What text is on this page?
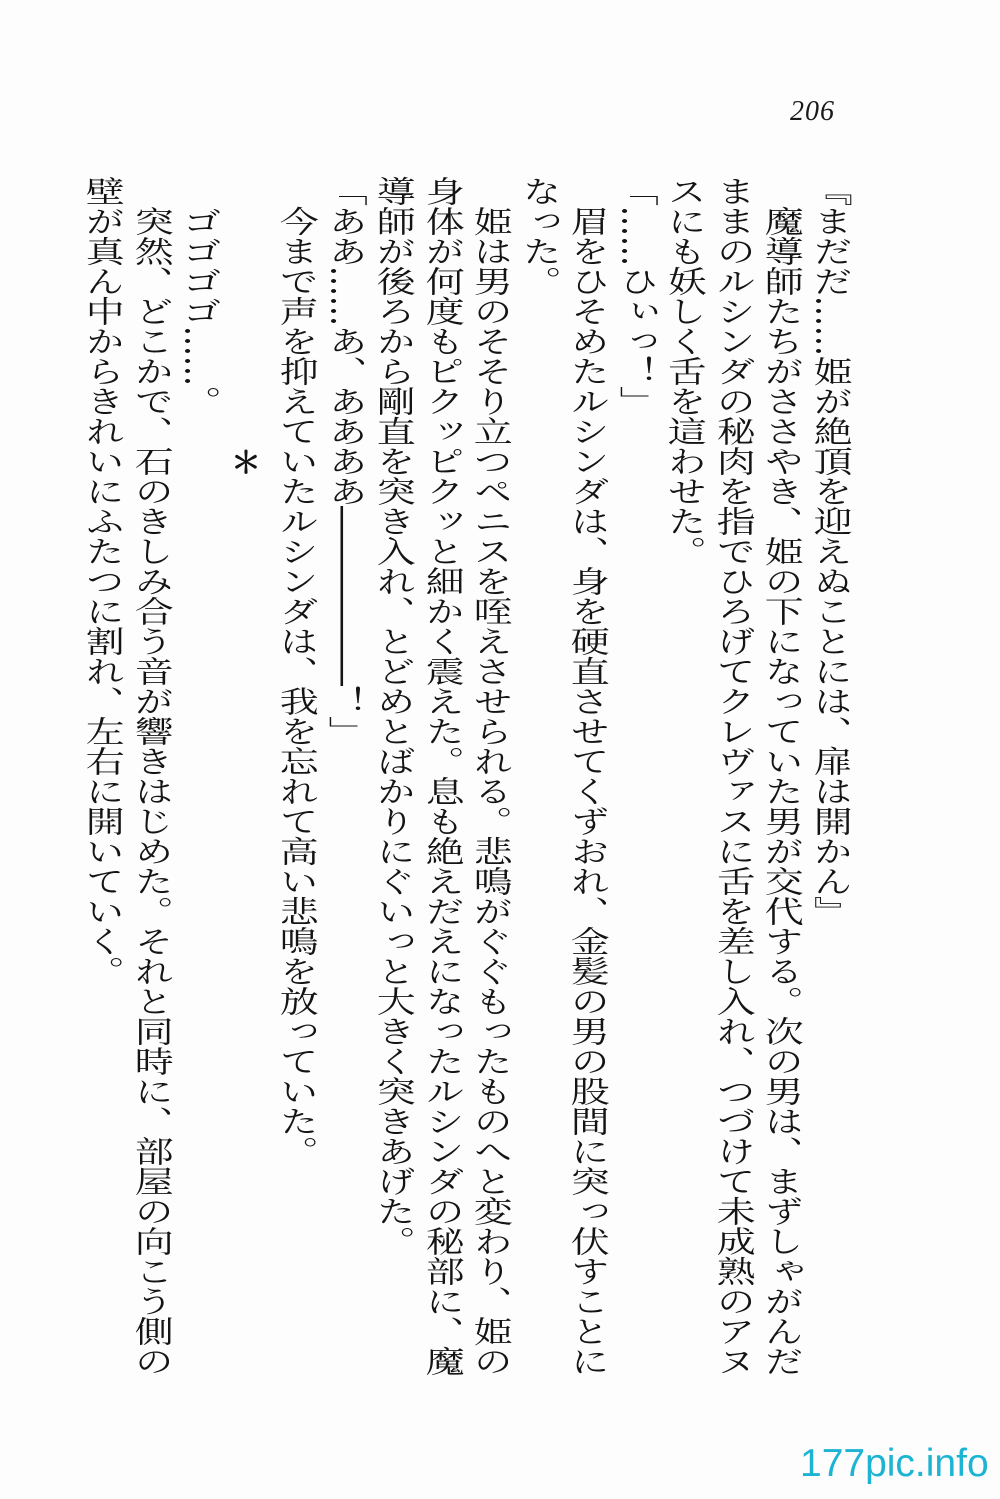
206
『まだだ……姫が絶頂を迎えぬことには、扉は開かん』
魔導師たちがささやき、姫の下になっていた男が交代する。次の男は、まずしゃがんだ
ままのルシンダの秘肉を指でひろげてクレヴァスに舌を差し入れ、つづけて未成熟のアヌ
スにも妖しく舌を這わせた。
「……ひぃっ！」
眉をひそめたルシンダは、身を硬直させてくずおれ、金髪の男の股間に突っ伏すことに
なった。
姫は男のそそり立つペニスを咥えさせられる。悲鳴がぐぐもったものへと変わり、姫の
身体が何度もピクッピクッと細かく震えた。息も絶えだえになったルシンダの秘部に、魔
導師が後ろから剛直を突き入れ、とどめとばかりにぐいっと大きく突きあげた。
「ああ……あ、ああああ――――――！」
今まで声を抑えていたルシンダは、我を忘れて高い悲鳴を放っていた。
＊
ゴゴゴゴ……。
突然、どこかで、石のきしみ合う音が響きはじめた。それと同時に、部屋の向こう側の
壁が真ん中からきれいにふたつに割れ、左右に開いていく。
177pic.info
